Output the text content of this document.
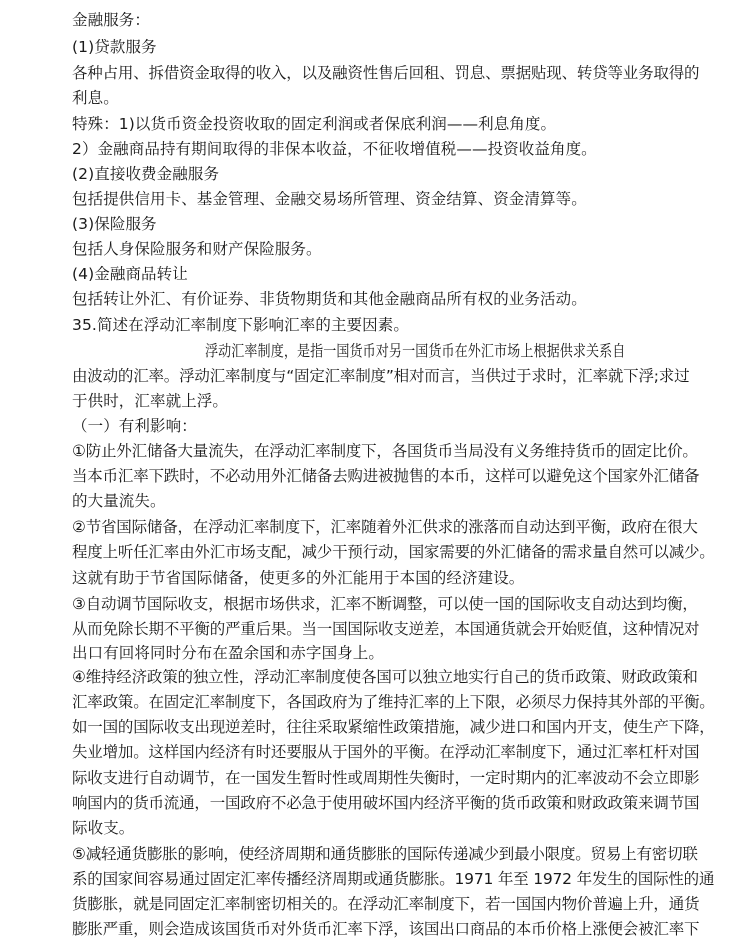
金融服务：
(1)贷款服务
各种占用、拆借资金取得的收入，以及融资性售后回租、罚息、票据贴现、转贷等业务取得的
利息。
特殊：1)以货币资金投资收取的固定利润或者保底利润——利息角度。
2）金融商品持有期间取得的非保本收益，不征收增值税——投资收益角度。
(2)直接收费金融服务
包括提供信用卡、基金管理、金融交易场所管理、资金结算、资金清算等。
(3)保险服务
包括人身保险服务和财产保险服务。
(4)金融商品转让
包括转让外汇、有价证券、非货物期货和其他金融商品所有权的业务活动。
35.简述在浮动汇率制度下影响汇率的主要因素。
浮动汇率制度，是指一国货币对另一国货币在外汇市场上根据供求关系自
由波动的汇率。浮动汇率制度与“固定汇率制度”相对而言，当供过于求时，汇率就下浮;求过
于供时，汇率就上浮。
（一）有利影响：
①防止外汇储备大量流失，在浮动汇率制度下，各国货币当局没有义务维持货币的固定比价。
当本币汇率下跌时，不必动用外汇储备去购进被抛售的本币，这样可以避免这个国家外汇储备
的大量流失。
②节省国际储备，在浮动汇率制度下，汇率随着外汇供求的涨落而自动达到平衡，政府在很大
程度上听任汇率由外汇市场支配，减少干预行动，国家需要的外汇储备的需求量自然可以减少。
这就有助于节省国际储备，使更多的外汇能用于本国的经济建设。
③自动调节国际收支，根据市场供求，汇率不断调整，可以使一国的国际收支自动达到均衡，
从而免除长期不平衡的严重后果。当一国国际收支逆差，本国通货就会开始贬值，这种情况对
出口有回将同时分布在盈余国和赤字国身上。
④维持经济政策的独立性，浮动汇率制度使各国可以独立地实行自己的货币政策、财政政策和
汇率政策。在固定汇率制度下，各国政府为了维持汇率的上下限，必须尽力保持其外部的平衡。
如一国的国际收支出现逆差时，往往采取紧缩性政策措施，减少进口和国内开支，使生产下降，
失业增加。这样国内经济有时还要服从于国外的平衡。在浮动汇率制度下，通过汇率杠杆对国
际收支进行自动调节，在一国发生暂时性或周期性失衡时，一定时期内的汇率波动不会立即影
响国内的货币流通，一国政府不必急于使用破坏国内经济平衡的货币政策和财政政策来调节国
际收支。
⑤减轻通货膨胀的影响，使经济周期和通货膨胀的国际传递减少到最小限度。贸易上有密切联
系的国家间容易通过固定汇率传播经济周期或通货膨胀。1971 年至 1972 年发生的国际性的通
货膨胀，就是同固定汇率制密切相关的。在浮动汇率制度下，若一国国内物价普遍上升，通货
膨胀严重，则会造成该国货币对外货币汇率下浮，该国出口商品的本币价格上涨便会被汇率下
